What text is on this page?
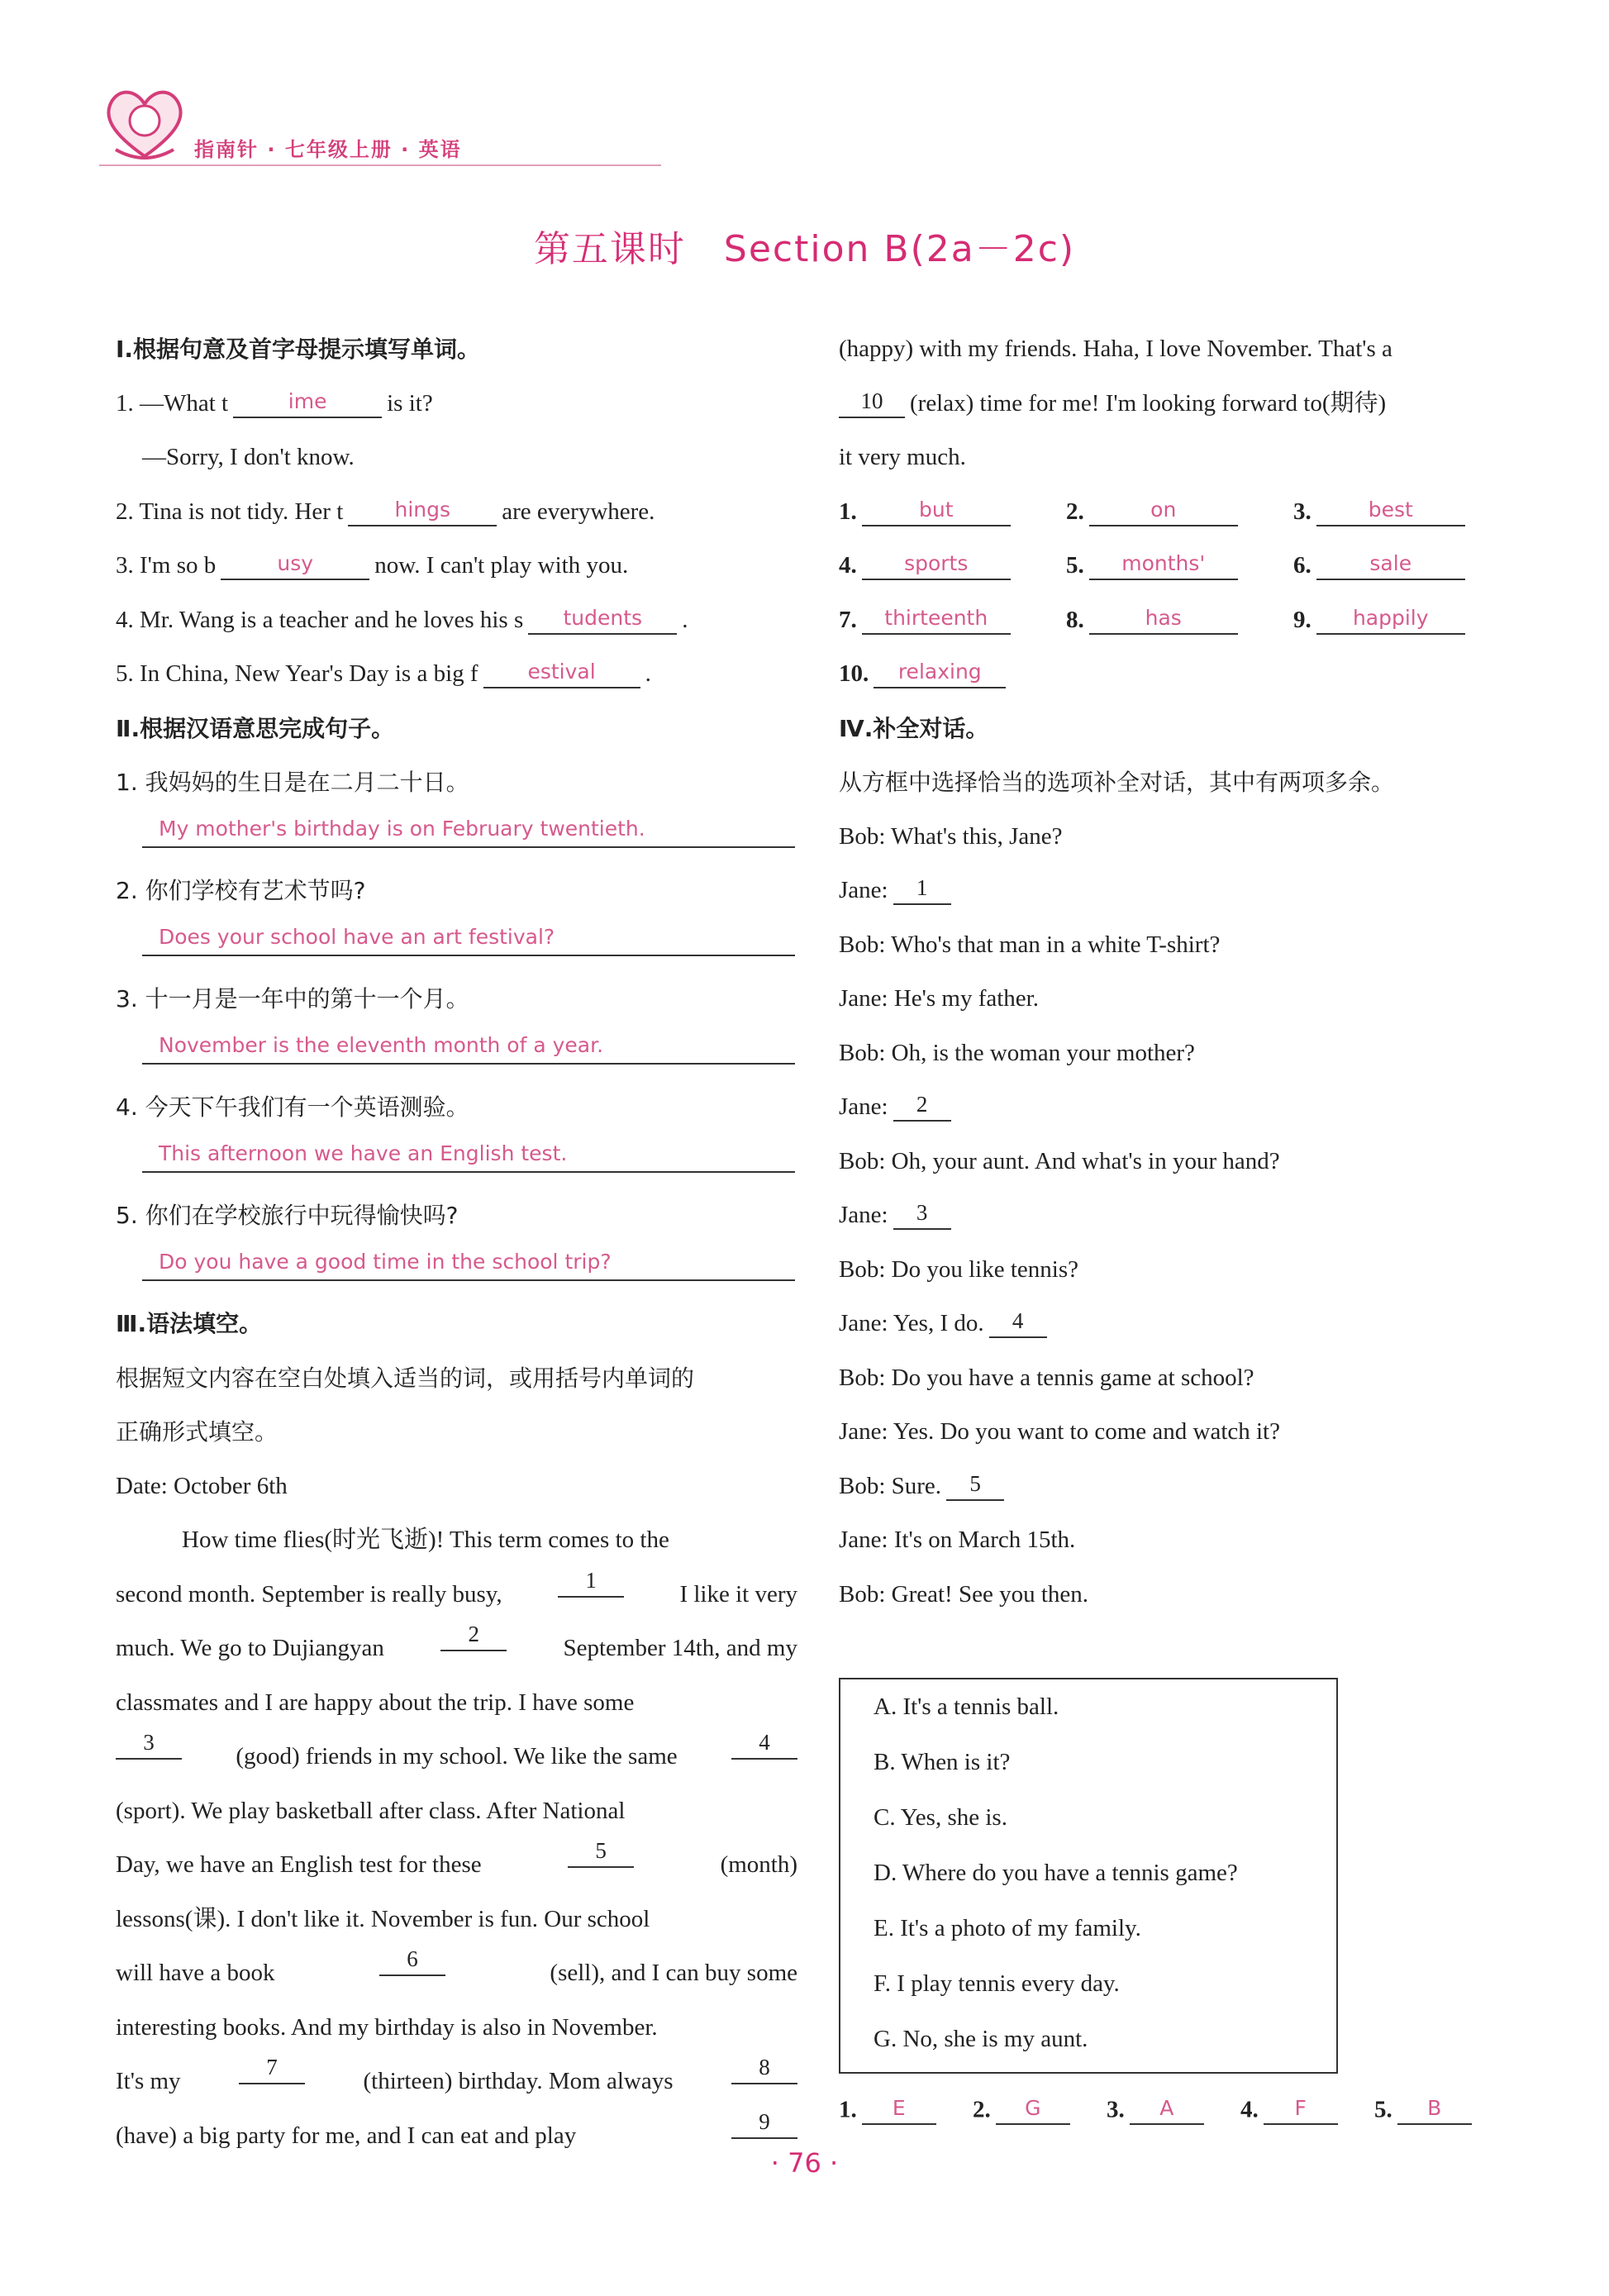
指南针 · 七年级上册 · 英语
第五课时　Section B(2a－2c)
Ⅰ.根据句意及首字母提示填写单词。
1. —What t	ime	is it?
—Sorry, I don't know.
2. Tina is not tidy. Her t hings are everywhere.
3. I'm so b	usy	now. I can't play with you.
4. Mr. Wang is a teacher and he loves his s tudents .
5. In China, New Year's Day is a big f estival .
Ⅱ.根据汉语意思完成句子。
1. 我妈妈的生日是在二月二十日。
My mother's birthday is on February twentieth.
2. 你们学校有艺术节吗?
Does your school have an art festival?
3. 十一月是一年中的第十一个月。
November is the eleventh month of a year.
4. 今天下午我们有一个英语测验。
This afternoon we have an English test.
5. 你们在学校旅行中玩得愉快吗?
Do you have a good time in the school trip?
Ⅲ.语法填空。
根据短文内容在空白处填入适当的词，或用括号内单词的
正确形式填空。
Date: October 6th
How time flies(时光飞逝)! This term comes to the
second month. September is really busy,
1
I like it very
much. We go to Dujiangyan
2
September 14th, and my
classmates and I are happy about the trip. I have some
3
(good) friends in my school. We like the same
4
(sport). We play basketball after class. After National
Day, we have an English test for these
5
(month)
lessons(课). I don't like it. November is fun. Our school
will have a book
6
(sell), and I can buy some
interesting books. And my birthday is also in November.
It's my
7
(thirteen) birthday. Mom always
8
(have) a big party for me, and I can eat and play
9
(happy) with my friends. Haha, I love November. That's a
10 (relax) time for me! I'm looking forward to(期待)
it very much.
1.	but	2.	on	3.	best
4. sports	5. months'	6.	sale
7. thirteenth	8.	has	9. happily
10. relaxing
Ⅳ.补全对话。
从方框中选择恰当的选项补全对话，其中有两项多余。
Bob: What's this, Jane?
Jane: 1
Bob: Who's that man in a white T-shirt?
Jane: He's my father.
Bob: Oh, is the woman your mother?
Jane: 2
Bob: Oh, your aunt. And what's in your hand?
Jane: 3
Bob: Do you like tennis?
Jane: Yes, I do. 4
Bob: Do you have a tennis game at school?
Jane: Yes. Do you want to come and watch it?
Bob: Sure. 5
Jane: It's on March 15th.
Bob: Great! See you then.
A. It's a tennis ball.
B. When is it?
C. Yes, she is.
D. Where do you have a tennis game?
E. It's a photo of my family.
F. I play tennis every day.
G. No, she is my aunt.
1. E	2. G	3. A	4. F	5. B
· 76 ·
